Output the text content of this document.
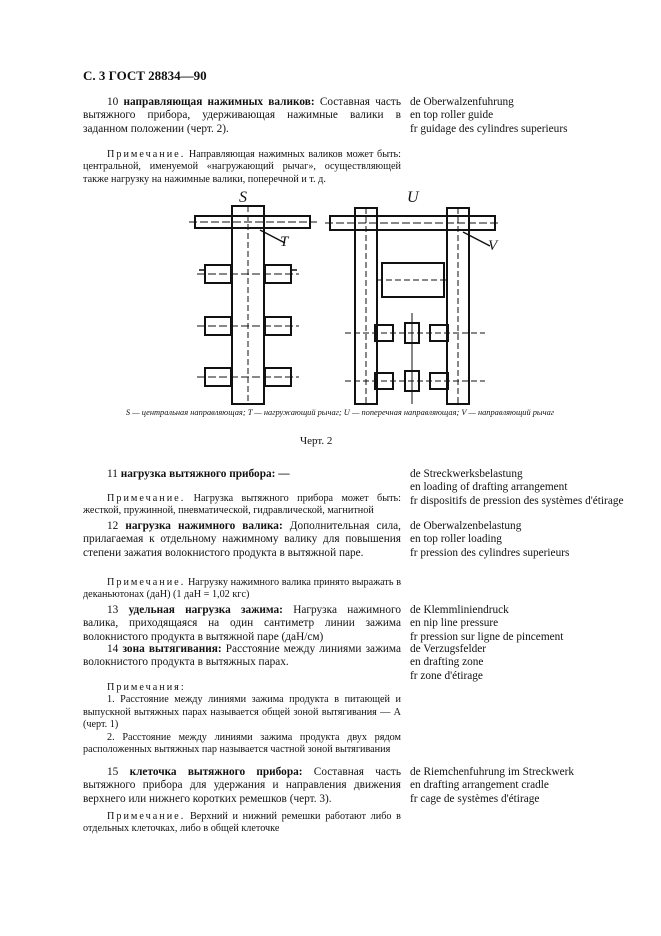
С. 3 ГОСТ 28834—90

10 направляющая нажимных валиков: Составная часть вытяжного прибора, удерживающая нажимные валики в заданном положении (черт. 2).

Примечание. Направляющая нажимных валиков может быть: центральной, именуемой «нагружающий рычаг», осуществляющей также нагрузку на нажимные валики, поперечной и т. д.

de Oberwalzenfuhrung
en top roller guide
fr guidage des cylindres superieurs
S
T
U
V
S — центральная направляющая; T — нагружающий рычаг; U — поперечная направляющая; V — направляющий рычаг
Черт. 2

11 нагрузка вытяжного прибора: —

Примечание. Нагрузка вытяжного прибора может быть: жесткой, пружинной, пневматической, гидравлической, магнитной

de Streckwerksbelastung
en loading of drafting arrangement
fr dispositifs de pression des systèmes d'étirage

12 нагрузка нажимного валика: Дополнительная сила, прилагаемая к отдельному нажимному валику для повышения степени зажатия волокнистого продукта в вытяжной паре.

Примечание. Нагрузку нажимного валика принято выражать в деканьютонах (даН) (1 даН = 1,02 кгс)

de Oberwalzenbelastung
en top roller loading
fr pression des cylindres superieurs

13 удельная нагрузка зажима: Нагрузка нажимного валика, приходящаяся на один сантиметр линии зажима волокнистого продукта в вытяжной паре (даН/см)

de Klemmliniendruck
en nip line pressure
fr pression sur ligne de pincement

14 зона вытягивания: Расстояние между линиями зажима волокнистого продукта в вытяжных парах.

Примечания:

1. Расстояние между линиями зажима продукта в питающей и выпускной вытяжных парах называется общей зоной вытягивания — A (черт. 1)

2. Расстояние между линиями зажима продукта двух рядом расположенных вытяжных пар называется частной зоной вытягивания

de Verzugsfelder
en drafting zone
fr zone d'étirage

15 клеточка вытяжного прибора: Составная часть вытяжного прибора для удержания и направления движения верхнего или нижнего коротких ремешков (черт. 3).

Примечание. Верхний и нижний ремешки работают либо в отдельных клеточках, либо в общей клеточке

de Riemchenfuhrung im Streckwerk
en drafting arrangement cradle
fr cage de systèmes d'étirage
